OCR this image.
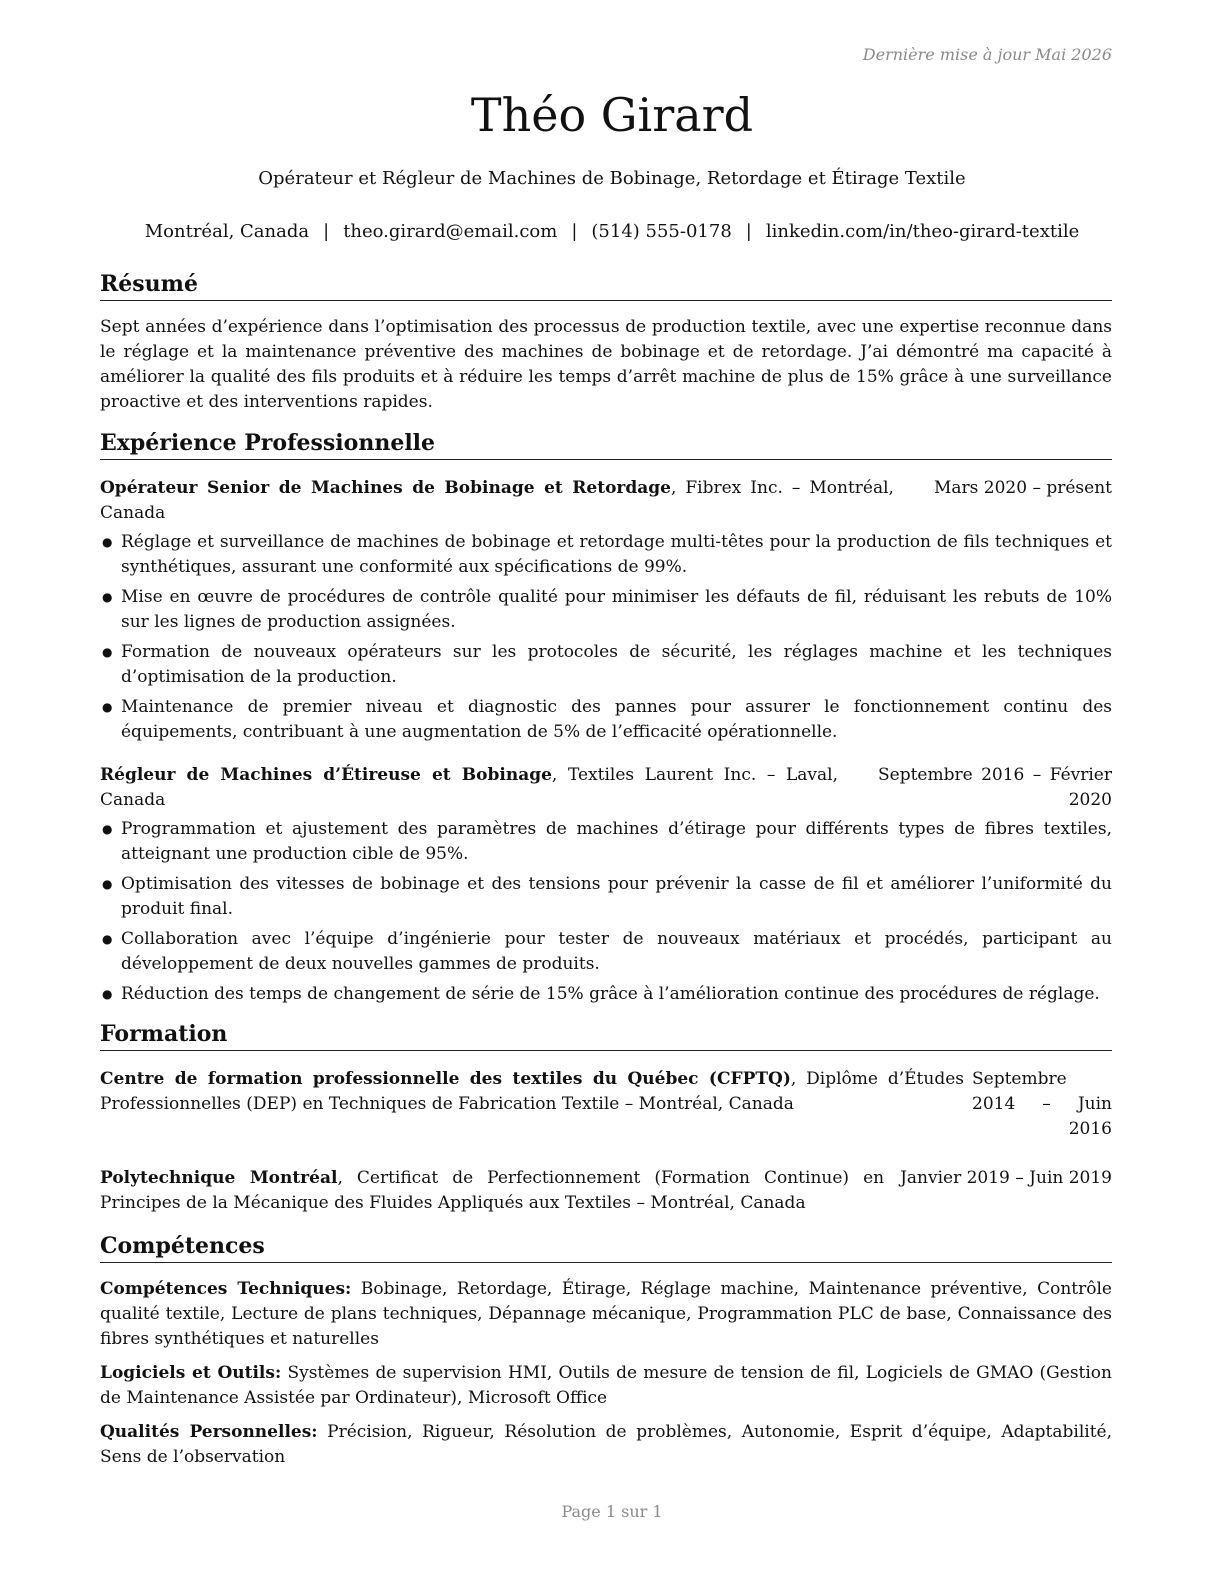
Dernière mise à jour Mai 2026
Théo Girard
Opérateur et Régleur de Machines de Bobinage, Retordage et Étirage Textile
Montréal, Canada | theo.girard@email.com | (514) 555-0178 | linkedin.com/in/theo-girard-textile
Résumé

Sept années d’expérience dans l’optimisation des processus de production textile, avec une expertise reconnue dans le réglage et la maintenance préventive des machines de bobinage et de retordage. J’ai démontré ma capacité à améliorer la qualité des fils produits et à réduire les temps d’arrêt machine de plus de 15% grâce à une surveillance proactive et des interventions rapides.

Expérience Professionnelle
Opérateur Senior de Machines de Bobinage et Retordage, Fibrex Inc. – Montréal, Canada
Mars 2020 – présent
● Réglage et surveillance de machines de bobinage et retordage multi-têtes pour la production de fils techniques et synthétiques, assurant une conformité aux spécifications de 99%.
● Mise en œuvre de procédures de contrôle qualité pour minimiser les défauts de fil, réduisant les rebuts de 10% sur les lignes de production assignées.
● Formation de nouveaux opérateurs sur les protocoles de sécurité, les réglages machine et les techniques d’optimisation de la production.
● Maintenance de premier niveau et diagnostic des pannes pour assurer le fonctionnement continu des équipements, contribuant à une augmentation de 5% de l’efficacité opérationnelle.
Régleur de Machines d’Étireuse et Bobinage, Textiles Laurent Inc. – Laval, Canada
Septembre 2016 – Février 2020
● Programmation et ajustement des paramètres de machines d’étirage pour différents types de fibres textiles, atteignant une production cible de 95%.
● Optimisation des vitesses de bobinage et des tensions pour prévenir la casse de fil et améliorer l’uniformité du produit final.
● Collaboration avec l’équipe d’ingénierie pour tester de nouveaux matériaux et procédés, participant au développement de deux nouvelles gammes de produits.
● Réduction des temps de changement de série de 15% grâce à l’amélioration continue des procédures de réglage.
Formation
Centre de formation professionnelle des textiles du Québec (CFPTQ), Diplôme d’Études Professionnelles (DEP) en Techniques de Fabrication Textile – Montréal, Canada
Septembre 2014 – Juin 2016
Polytechnique Montréal, Certificat de Perfectionnement (Formation Continue) en Principes de la Mécanique des Fluides Appliqués aux Textiles – Montréal, Canada
Janvier 2019 – Juin 2019
Compétences
Compétences Techniques: Bobinage, Retordage, Étirage, Réglage machine, Maintenance préventive, Contrôle qualité textile, Lecture de plans techniques, Dépannage mécanique, Programmation PLC de base, Connaissance des fibres synthétiques et naturelles
Logiciels et Outils: Systèmes de supervision HMI, Outils de mesure de tension de fil, Logiciels de GMAO (Gestion de Maintenance Assistée par Ordinateur), Microsoft Office
Qualités Personnelles: Précision, Rigueur, Résolution de problèmes, Autonomie, Esprit d’équipe, Adaptabilité, Sens de l’observation
Page 1 sur 1
